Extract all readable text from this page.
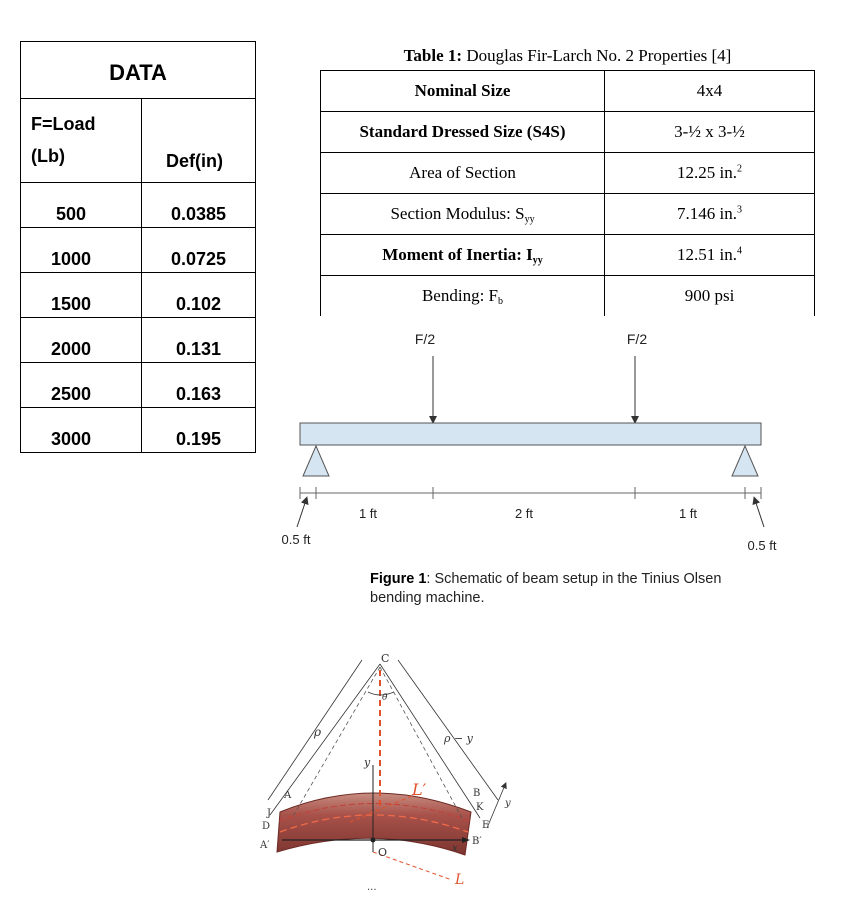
DATA	
F=Load
(Lb)	Def(in)
500	0.0385
1000	0.0725
1500	0.102
2000	0.131
2500	0.163
3000	0.195
Table 1: Douglas Fir-Larch No. 2 Properties [4]
Nominal Size	4x4
Standard Dressed Size (S4S)	3-½ x 3-½
Area of Section	12.25 in.$^2$
Section Modulus: $S_{yy}$	7.146 in.$^3$
Moment of Inertia: $I_{yy}$	12.51 in.$^4$
Bending: $F_b$	900 psi
F/2	F/2
1 ft	2 ft	1 ft
0.5 ft	0.5 ft
C
ρ	ρ − y
θ
y
A	B
J
K
D	E
A′	B′
L′
L
O	x
y
...
Figure 1: Schematic of beam setup in the Tinius Olsen bending machine.
